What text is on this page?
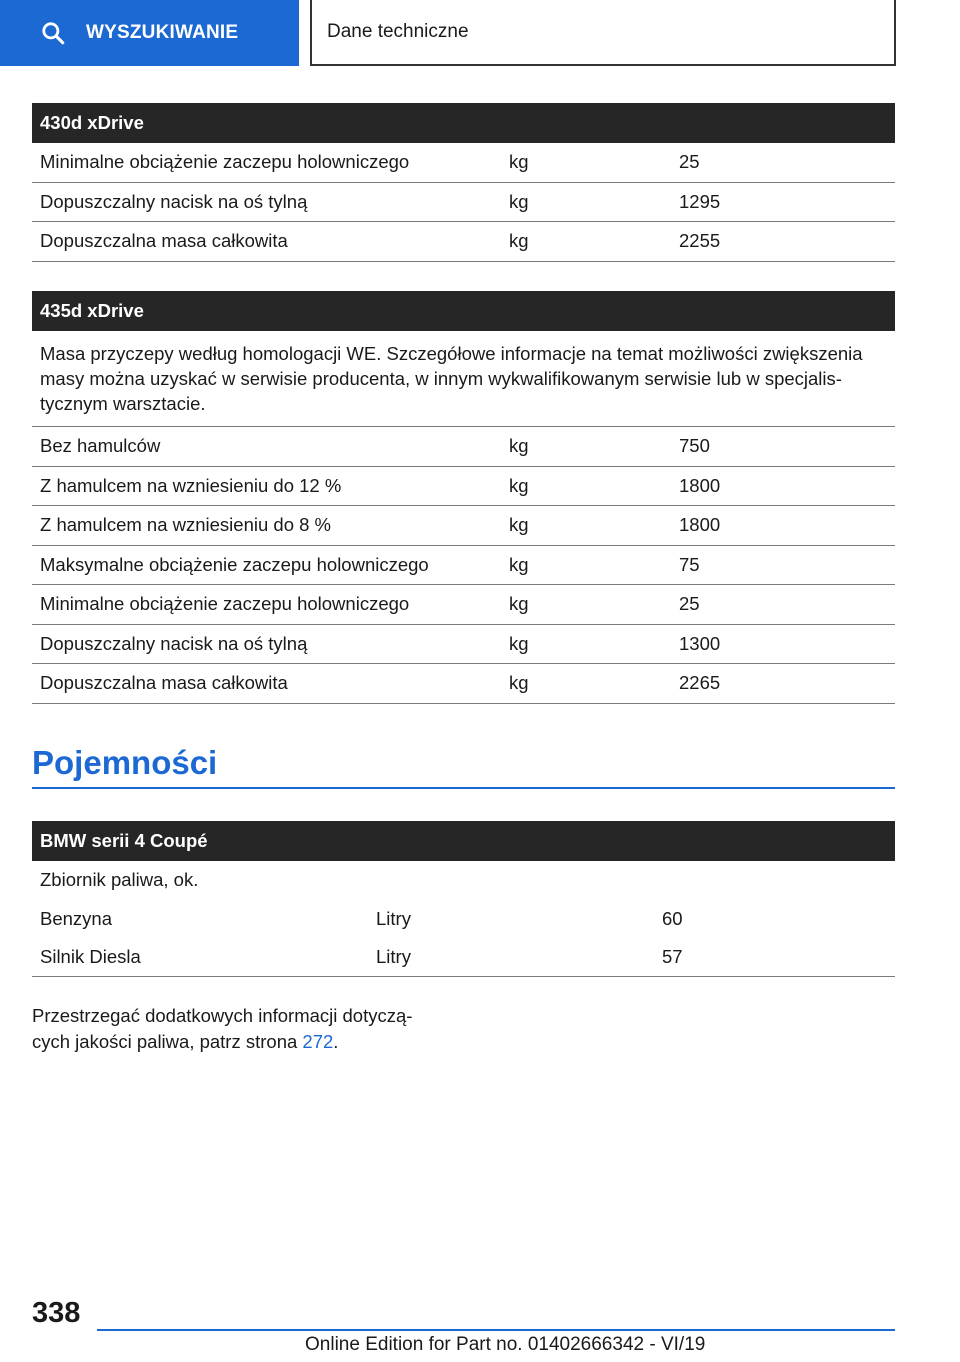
WYSZUKIWANIE	Dane techniczne
430d xDrive
Minimalne obciążenie zaczepu holowniczego	kg	25
Dopuszczalny nacisk na oś tylną	kg	1295
Dopuszczalna masa całkowita	kg	2255
435d xDrive
Masa przyczepy według homologacji WE. Szczegółowe informacje na temat możliwości zwiększenia masy można uzyskać w serwisie producenta, w innym wykwalifikowanym serwisie lub w specjalistycznym warsztacie.
Bez hamulców	kg	750
Z hamulcem na wzniesieniu do 12 %	kg	1800
Z hamulcem na wzniesieniu do 8 %	kg	1800
Maksymalne obciążenie zaczepu holowniczego	kg	75
Minimalne obciążenie zaczepu holowniczego	kg	25
Dopuszczalny nacisk na oś tylną	kg	1300
Dopuszczalna masa całkowita	kg	2265
Pojemności
BMW serii 4 Coupé
Zbiornik paliwa, ok.
Benzyna	Litry	60
Silnik Diesla	Litry	57
Przestrzegać dodatkowych informacji dotyczących jakości paliwa, patrz strona 272.
338
Online Edition for Part no. 01402666342 - VI/19
